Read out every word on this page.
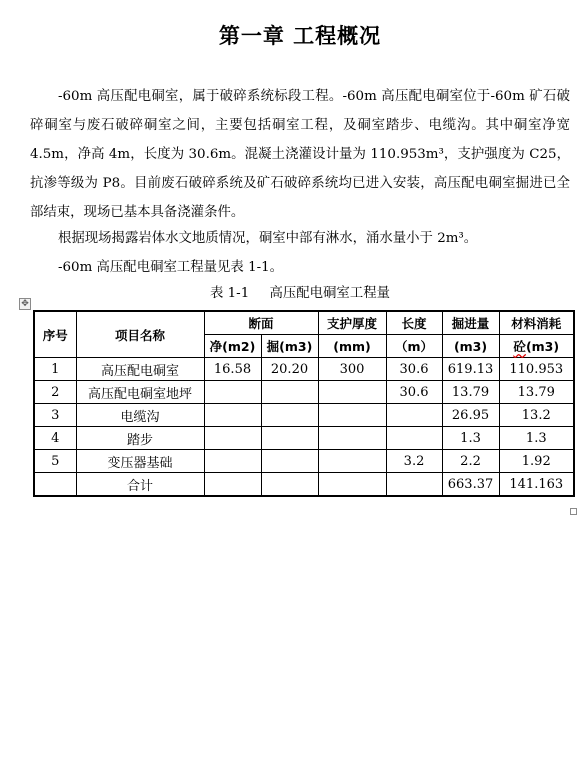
第一章 工程概况

-60m 高压配电硐室，属于破碎系统标段工程。-60m 高压配电硐室位于-60m 矿石破碎硐室与废石破碎硐室之间，主要包括硐室工程，及硐室踏步、电缆沟。其中硐室净宽 4.5m，净高 4m，长度为 30.6m。混凝土浇灌设计量为 110.953m³，支护强度为 C25，抗渗等级为 P8。目前废石破碎系统及矿石破碎系统均已进入安装，高压配电硐室掘进已全部结束，现场已基本具备浇灌条件。

根据现场揭露岩体水文地质情况，硐室中部有淋水，涌水量小于 2m³。

-60m 高压配电硐室工程量见表 1-1。

表 1-1 高压配电硐室工程量
✥
序号	项目名称	断面		支护厚度	长度	掘进量	材料消耗
		净(m2)	掘(m3)	(mm)	（m）	(m3)	砼(m3)
1	高压配电硐室	16.58	20.20	300	30.6	619.13	110.953
2	高压配电硐室地坪				30.6	13.79	13.79
3	电缆沟					26.95	13.2
4	踏步					1.3	1.3
5	变压器基础				3.2	2.2	1.92
	合计					663.37	141.163
